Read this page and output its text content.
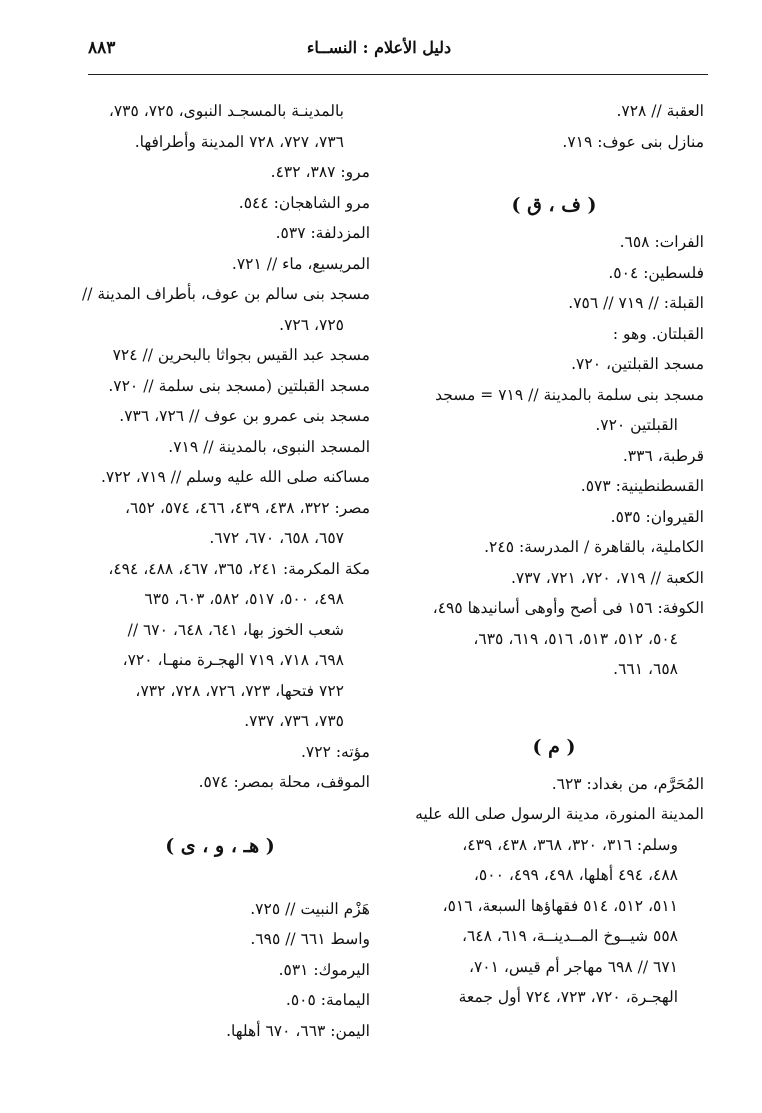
دليل الأعلام : النســاء
٨٨٣
العقبة // ٧٢٨.
منازل بنى عوف: ٧١٩.
( ف ، ق )
الفرات: ٦٥٨.
فلسطين: ٥٠٤.
القبلة: // ٧١٩ // ٧٥٦.
القبلتان. وهو :
مسجد القبلتين، ٧٢٠.
مسجد بنى سلمة بالمدينة // ٧١٩ = مسجد
القبلتين ٧٢٠.
قرطبة، ٣٣٦.
القسطنطينية: ٥٧٣.
القيروان: ٥٣٥.
الكاملية، بالقاهرة / المدرسة: ٢٤٥.
الكعبة // ٧١٩، ٧٢٠، ٧٢١، ٧٣٧.
الكوفة: ١٥٦ فى أصح وأوهى أسانيدها ٤٩٥،
٥٠٤، ٥١٢، ٥١٣، ٥١٦، ٦١٩، ٦٣٥،
٦٥٨، ٦٦١.
( م )
المُحَرَّم، من بغداد: ٦٢٣.
المدينة المنورة، مدينة الرسول صلى الله عليه
وسلم: ٣١٦، ٣٢٠، ٣٦٨، ٤٣٨، ٤٣٩،
٤٨٨، ٤٩٤ أهلها، ٤٩٨، ٤٩٩، ٥٠٠،
٥١١، ٥١٢، ٥١٤ فقهاؤها السبعة، ٥١٦،
٥٥٨ شيــوخ المــدينــة، ٦١٩، ٦٤٨،
٦٧١ // ٦٩٨ مهاجر أم قيس، ٧٠١،
الهجـرة، ٧٢٠، ٧٢٣، ٧٢٤ أول جمعة
بالمدينـة بالمسجـد النبوى، ٧٢٥، ٧٣٥،
٧٣٦، ٧٢٧، ٧٢٨ المدينة وأطرافها.
مرو: ٣٨٧، ٤٣٢.
مرو الشاهجان: ٥٤٤.
المزدلفة: ٥٣٧.
المريسيع، ماء // ٧٢١.
مسجد بنى سالم بن عوف، بأطراف المدينة //
٧٢٥، ٧٢٦.
مسجد عبد القيس بجواثا بالبحرين // ٧٢٤
مسجد القبلتين (مسجد بنى سلمة // ٧٢٠.
مسجد بنى عمرو بن عوف // ٧٢٦، ٧٣٦.
المسجد النبوى، بالمدينة // ٧١٩.
مساكنه صلى الله عليه وسلم // ٧١٩، ٧٢٢.
مصر: ٣٢٢، ٤٣٨، ٤٣٩، ٤٦٦، ٥٧٤، ٦٥٢،
٦٥٧، ٦٥٨، ٦٧٠، ٦٧٢.
مكة المكرمة: ٢٤١، ٣٦٥، ٤٦٧، ٤٨٨، ٤٩٤،
٤٩٨، ٥٠٠، ٥١٧، ٥٨٢، ٦٠٣، ٦٣٥
شعب الخوز بها، ٦٤١، ٦٤٨، ٦٧٠ //
٦٩٨، ٧١٨، ٧١٩ الهجـرة منهـا، ٧٢٠،
٧٢٢ فتحها، ٧٢٣، ٧٢٦، ٧٢٨، ٧٣٢،
٧٣٥، ٧٣٦، ٧٣٧.
مؤته: ٧٢٢.
الموقف، محلة بمصر: ٥٧٤.
( هـ ، و ، ى )
هَزْم النبيت // ٧٢٥.
واسط ٦٦١ // ٦٩٥.
اليرموك: ٥٣١.
اليمامة: ٥٠٥.
اليمن: ٦٦٣، ٦٧٠ أهلها.
